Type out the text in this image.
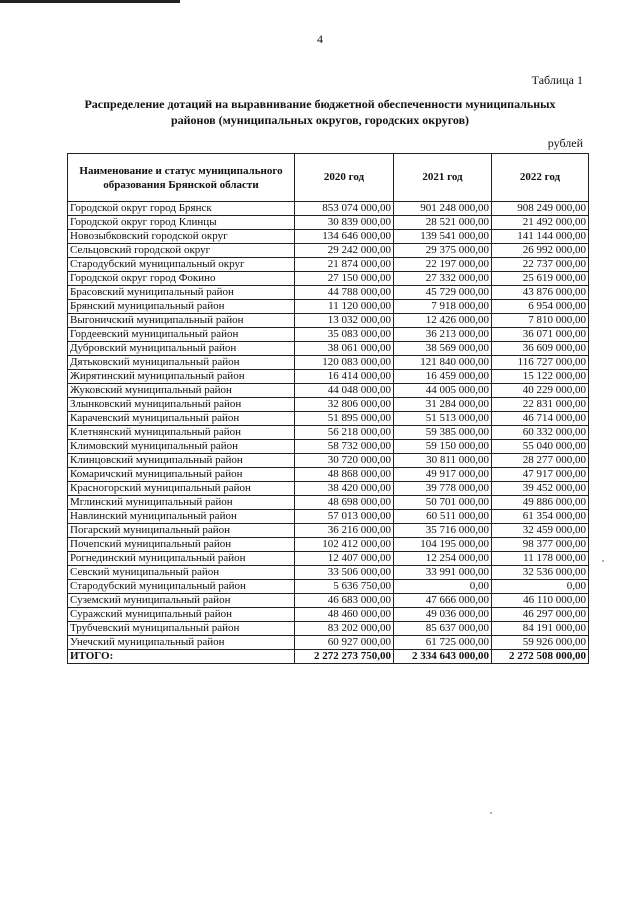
4
Таблица 1
Распределение дотаций на выравнивание бюджетной обеспеченности муниципальных
районов (муниципальных округов, городских округов)
рублей
Наименование и статус муниципального образования Брянской области	2020 год	2021 год	2022 год
Городской округ город Брянск	853 074 000,00	901 248 000,00	908 249 000,00
Городской округ город Клинцы	30 839 000,00	28 521 000,00	21 492 000,00
Новозыбковский городской округ	134 646 000,00	139 541 000,00	141 144 000,00
Сельцовский городской округ	29 242 000,00	29 375 000,00	26 992 000,00
Стародубский муниципальный округ	21 874 000,00	22 197 000,00	22 737 000,00
Городской округ город Фокино	27 150 000,00	27 332 000,00	25 619 000,00
Брасовский муниципальный район	44 788 000,00	45 729 000,00	43 876 000,00
Брянский муниципальный район	11 120 000,00	7 918 000,00	6 954 000,00
Выгоничский муниципальный район	13 032 000,00	12 426 000,00	7 810 000,00
Гордеевский муниципальный район	35 083 000,00	36 213 000,00	36 071 000,00
Дубровский муниципальный район	38 061 000,00	38 569 000,00	36 609 000,00
Дятьковский муниципальный район	120 083 000,00	121 840 000,00	116 727 000,00
Жирятинский муниципальный район	16 414 000,00	16 459 000,00	15 122 000,00
Жуковский муниципальный район	44 048 000,00	44 005 000,00	40 229 000,00
Злынковский муниципальный район	32 806 000,00	31 284 000,00	22 831 000,00
Карачевский муниципальный район	51 895 000,00	51 513 000,00	46 714 000,00
Клетнянский муниципальный район	56 218 000,00	59 385 000,00	60 332 000,00
Климовский муниципальный район	58 732 000,00	59 150 000,00	55 040 000,00
Клинцовский муниципальный район	30 720 000,00	30 811 000,00	28 277 000,00
Комаричский муниципальный район	48 868 000,00	49 917 000,00	47 917 000,00
Красногорский муниципальный район	38 420 000,00	39 778 000,00	39 452 000,00
Мглинский муниципальный район	48 698 000,00	50 701 000,00	49 886 000,00
Навлинский муниципальный район	57 013 000,00	60 511 000,00	61 354 000,00
Погарский муниципальный район	36 216 000,00	35 716 000,00	32 459 000,00
Почепский муниципальный район	102 412 000,00	104 195 000,00	98 377 000,00
Рогнединский муниципальный район	12 407 000,00	12 254 000,00	11 178 000,00
Севский муниципальный район	33 506 000,00	33 991 000,00	32 536 000,00
Стародубский муниципальный район	5 636 750,00	0,00	0,00
Суземский муниципальный район	46 683 000,00	47 666 000,00	46 110 000,00
Суражский муниципальный район	48 460 000,00	49 036 000,00	46 297 000,00
Трубчевский муниципальный район	83 202 000,00	85 637 000,00	84 191 000,00
Унечский муниципальный район	60 927 000,00	61 725 000,00	59 926 000,00
ИТОГО:	2 272 273 750,00	2 334 643 000,00	2 272 508 000,00
